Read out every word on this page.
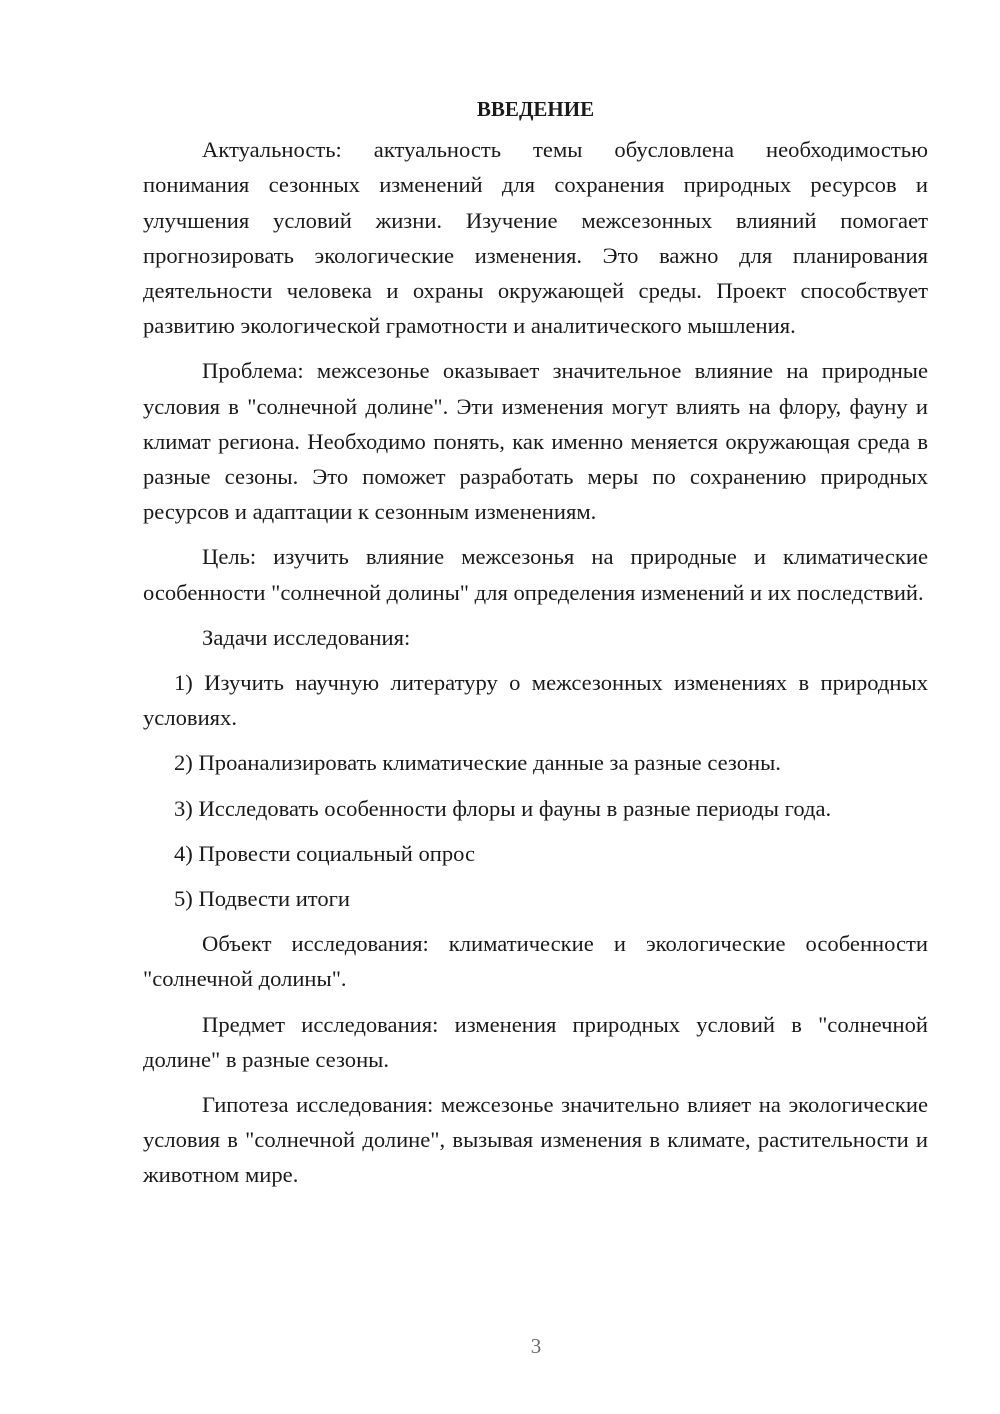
ВВЕДЕНИЕ

Актуальность: актуальность темы обусловлена необходимостью понимания сезонных изменений для сохранения природных ресурсов и улучшения условий жизни. Изучение межсезонных влияний помогает прогнозировать экологические изменения. Это важно для планирования деятельности человека и охраны окружающей среды. Проект способствует развитию экологической грамотности и аналитического мышления.

Проблема: межсезонье оказывает значительное влияние на природные условия в "солнечной долине". Эти изменения могут влиять на флору, фауну и климат региона. Необходимо понять, как именно меняется окружающая среда в разные сезоны. Это поможет разработать меры по сохранению природных ресурсов и адаптации к сезонным изменениям.

Цель: изучить влияние межсезонья на природные и климатические особенности "солнечной долины" для определения изменений и их последствий.

Задачи исследования:

1) Изучить научную литературу о межсезонных изменениях в природных условиях.

2) Проанализировать климатические данные за разные сезоны.

3) Исследовать особенности флоры и фауны в разные периоды года.

4) Провести социальный опрос

5) Подвести итоги

Объект исследования: климатические и экологические особенности "солнечной долины".

Предмет исследования: изменения природных условий в "солнечной долине" в разные сезоны.

Гипотеза исследования: межсезонье значительно влияет на экологические условия в "солнечной долине", вызывая изменения в климате, растительности и животном мире.

3
